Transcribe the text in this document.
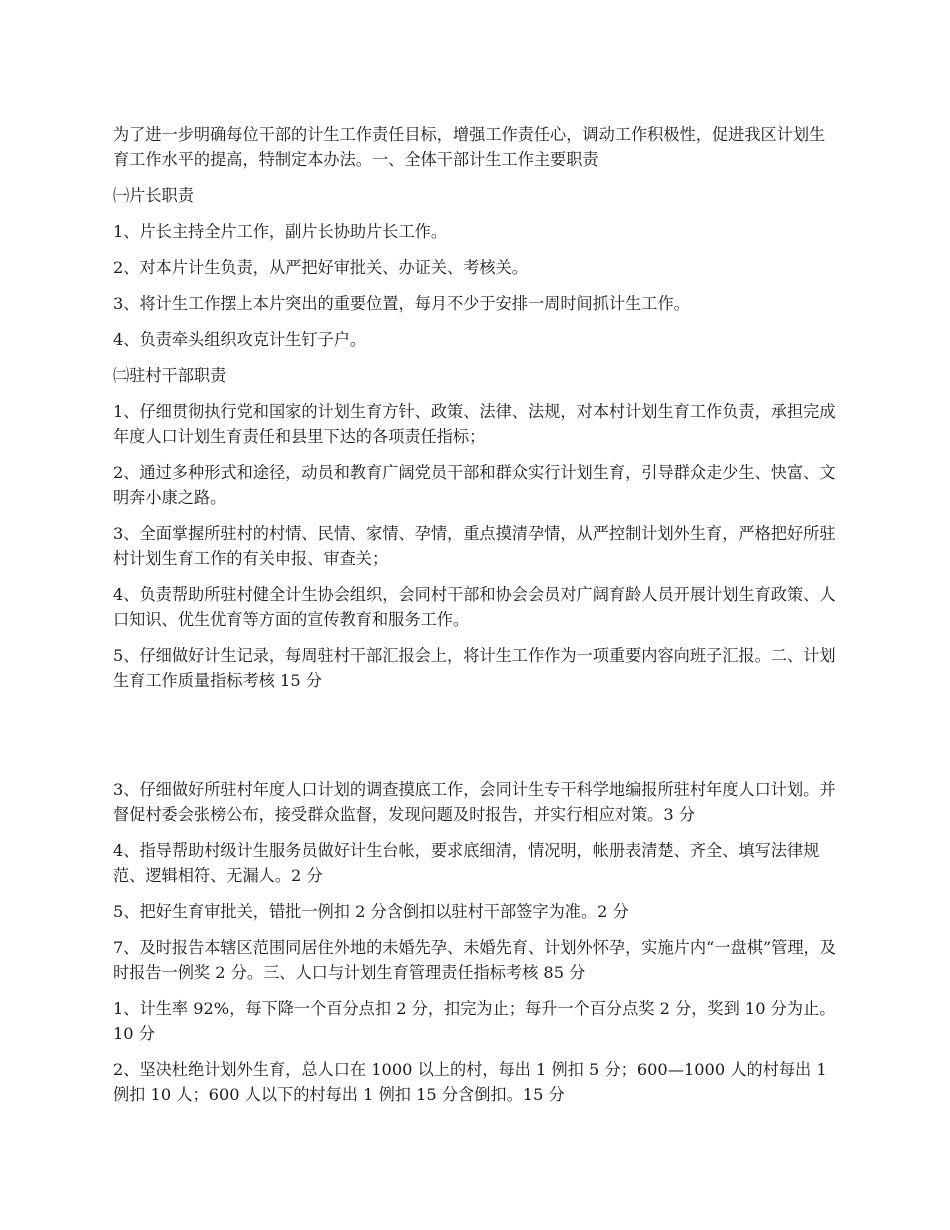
为了进一步明确每位干部的计生工作责任目标，增强工作责任心，调动工作积极性，促进我区计划生育工作水平的提高，特制定本办法。一、全体干部计生工作主要职责

㈠片长职责

1、片长主持全片工作，副片长协助片长工作。

2、对本片计生负责，从严把好审批关、办证关、考核关。

3、将计生工作摆上本片突出的重要位置，每月不少于安排一周时间抓计生工作。

4、负责牵头组织攻克计生钉子户。

㈡驻村干部职责

1、仔细贯彻执行党和国家的计划生育方针、政策、法律、法规，对本村计划生育工作负责，承担完成年度人口计划生育责任和县里下达的各项责任指标；

2、通过多种形式和途径，动员和教育广阔党员干部和群众实行计划生育，引导群众走少生、快富、文明奔小康之路。

3、全面掌握所驻村的村情、民情、家情、孕情，重点摸清孕情，从严控制计划外生育，严格把好所驻村计划生育工作的有关申报、审查关；

4、负责帮助所驻村健全计生协会组织，会同村干部和协会会员对广阔育龄人员开展计划生育政策、人口知识、优生优育等方面的宣传教育和服务工作。

5、仔细做好计生记录，每周驻村干部汇报会上，将计生工作作为一项重要内容向班子汇报。二、计划生育工作质量指标考核 15 分

3、仔细做好所驻村年度人口计划的调查摸底工作，会同计生专干科学地编报所驻村年度人口计划。并督促村委会张榜公布，接受群众监督，发现问题及时报告，并实行相应对策。3 分

4、指导帮助村级计生服务员做好计生台帐，要求底细清，情况明，帐册表清楚、齐全、填写法律规范、逻辑相符、无漏人。2 分

5、把好生育审批关，错批一例扣 2 分含倒扣以驻村干部签字为准。2 分

7、及时报告本辖区范围同居住外地的未婚先孕、未婚先育、计划外怀孕，实施片内“一盘棋”管理，及时报告一例奖 2 分。三、人口与计划生育管理责任指标考核 85 分

1、计生率 92%，每下降一个百分点扣 2 分，扣完为止；每升一个百分点奖 2 分，奖到 10 分为止。10 分

2、坚决杜绝计划外生育，总人口在 1000 以上的村，每出 1 例扣 5 分；600—1000 人的村每出 1 例扣 10 人；600 人以下的村每出 1 例扣 15 分含倒扣。15 分
